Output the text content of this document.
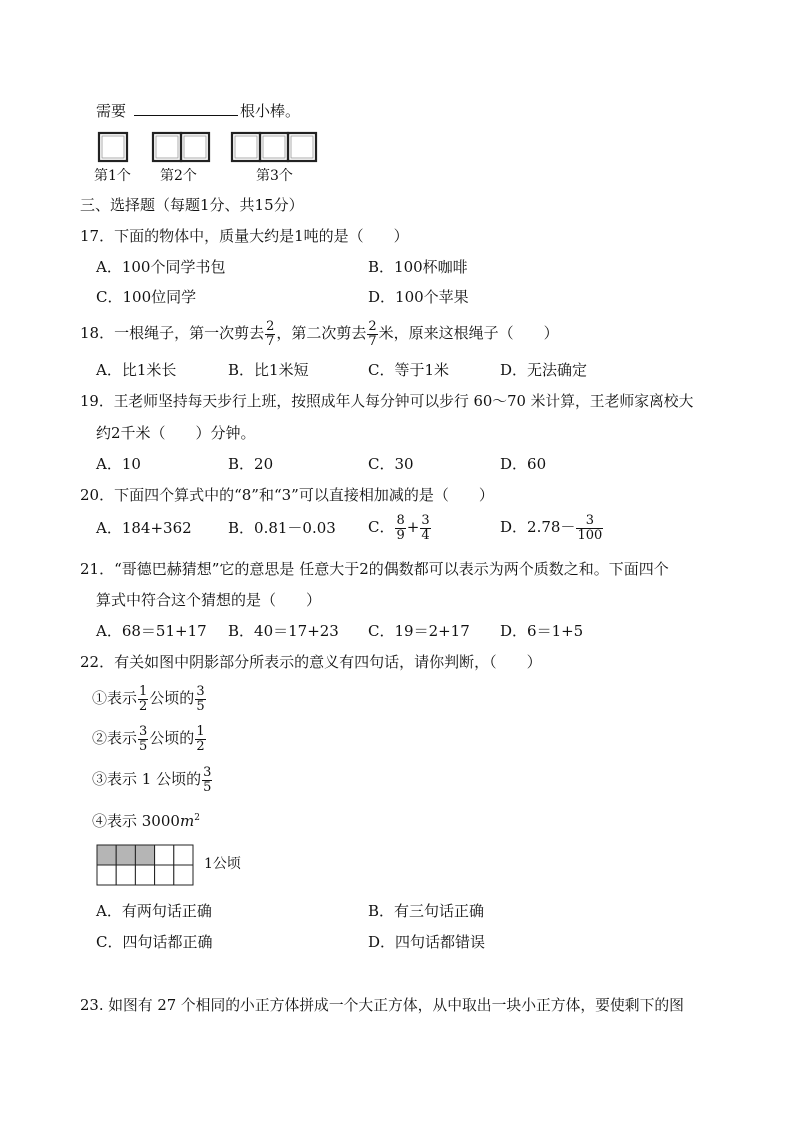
需要	根小棒。
第1个 第2个	第3个
三、选择题（每题1分、共15分）
17．下面的物体中，质量大约是1吨的是（　　）
A．100个同学书包	B．100杯咖啡
C．100位同学	D．100个苹果
18．一根绳子，第一次剪去 $\frac{2}{7}$ ，第二次剪去 $\frac{2}{7}$ 米，原来这根绳子（　　）
A．比1米长	B．比1米短	C．等于1米	D．无法确定
19．王老师坚持每天步行上班，按照成年人每分钟可以步行 60～70 米计算，王老师家离校大
约2千米（　　）分钟。
A．10	B．20	C．30	D．60
20．下面四个算式中的“8”和“3”可以直接相加减的是（　　）
A．184+362 B．0.81－0.03 C． $\frac{8}{9} + \frac{3}{4}$	D．$2.78- \frac{3}{100}$
21．“哥德巴赫猜想”它的意思是 任意大于2的偶数都可以表示为两个质数之和。下面四个
算式中符合这个猜想的是（　　）
A．68＝51+17 B．40＝17+23 C．19＝2+17 D．6＝1+5
22．有关如图中阴影部分所表示的意义有四句话，请你判断，（　　）
①表示 $\frac{1}{2}$ 公顷的 $\frac{3}{5}$
②表示 $\frac{3}{5}$ 公顷的 $\frac{1}{2}$
③表示 1 公顷的 $\frac{3}{5}$
④表示 $3000m^2$
1公顷
A．有两句话正确	B．有三句话正确
C．四句话都正确	D．四句话都错误
23. 如图有 27 个相同的小正方体拼成一个大正方体，从中取出一块小正方体，要使剩下的图
